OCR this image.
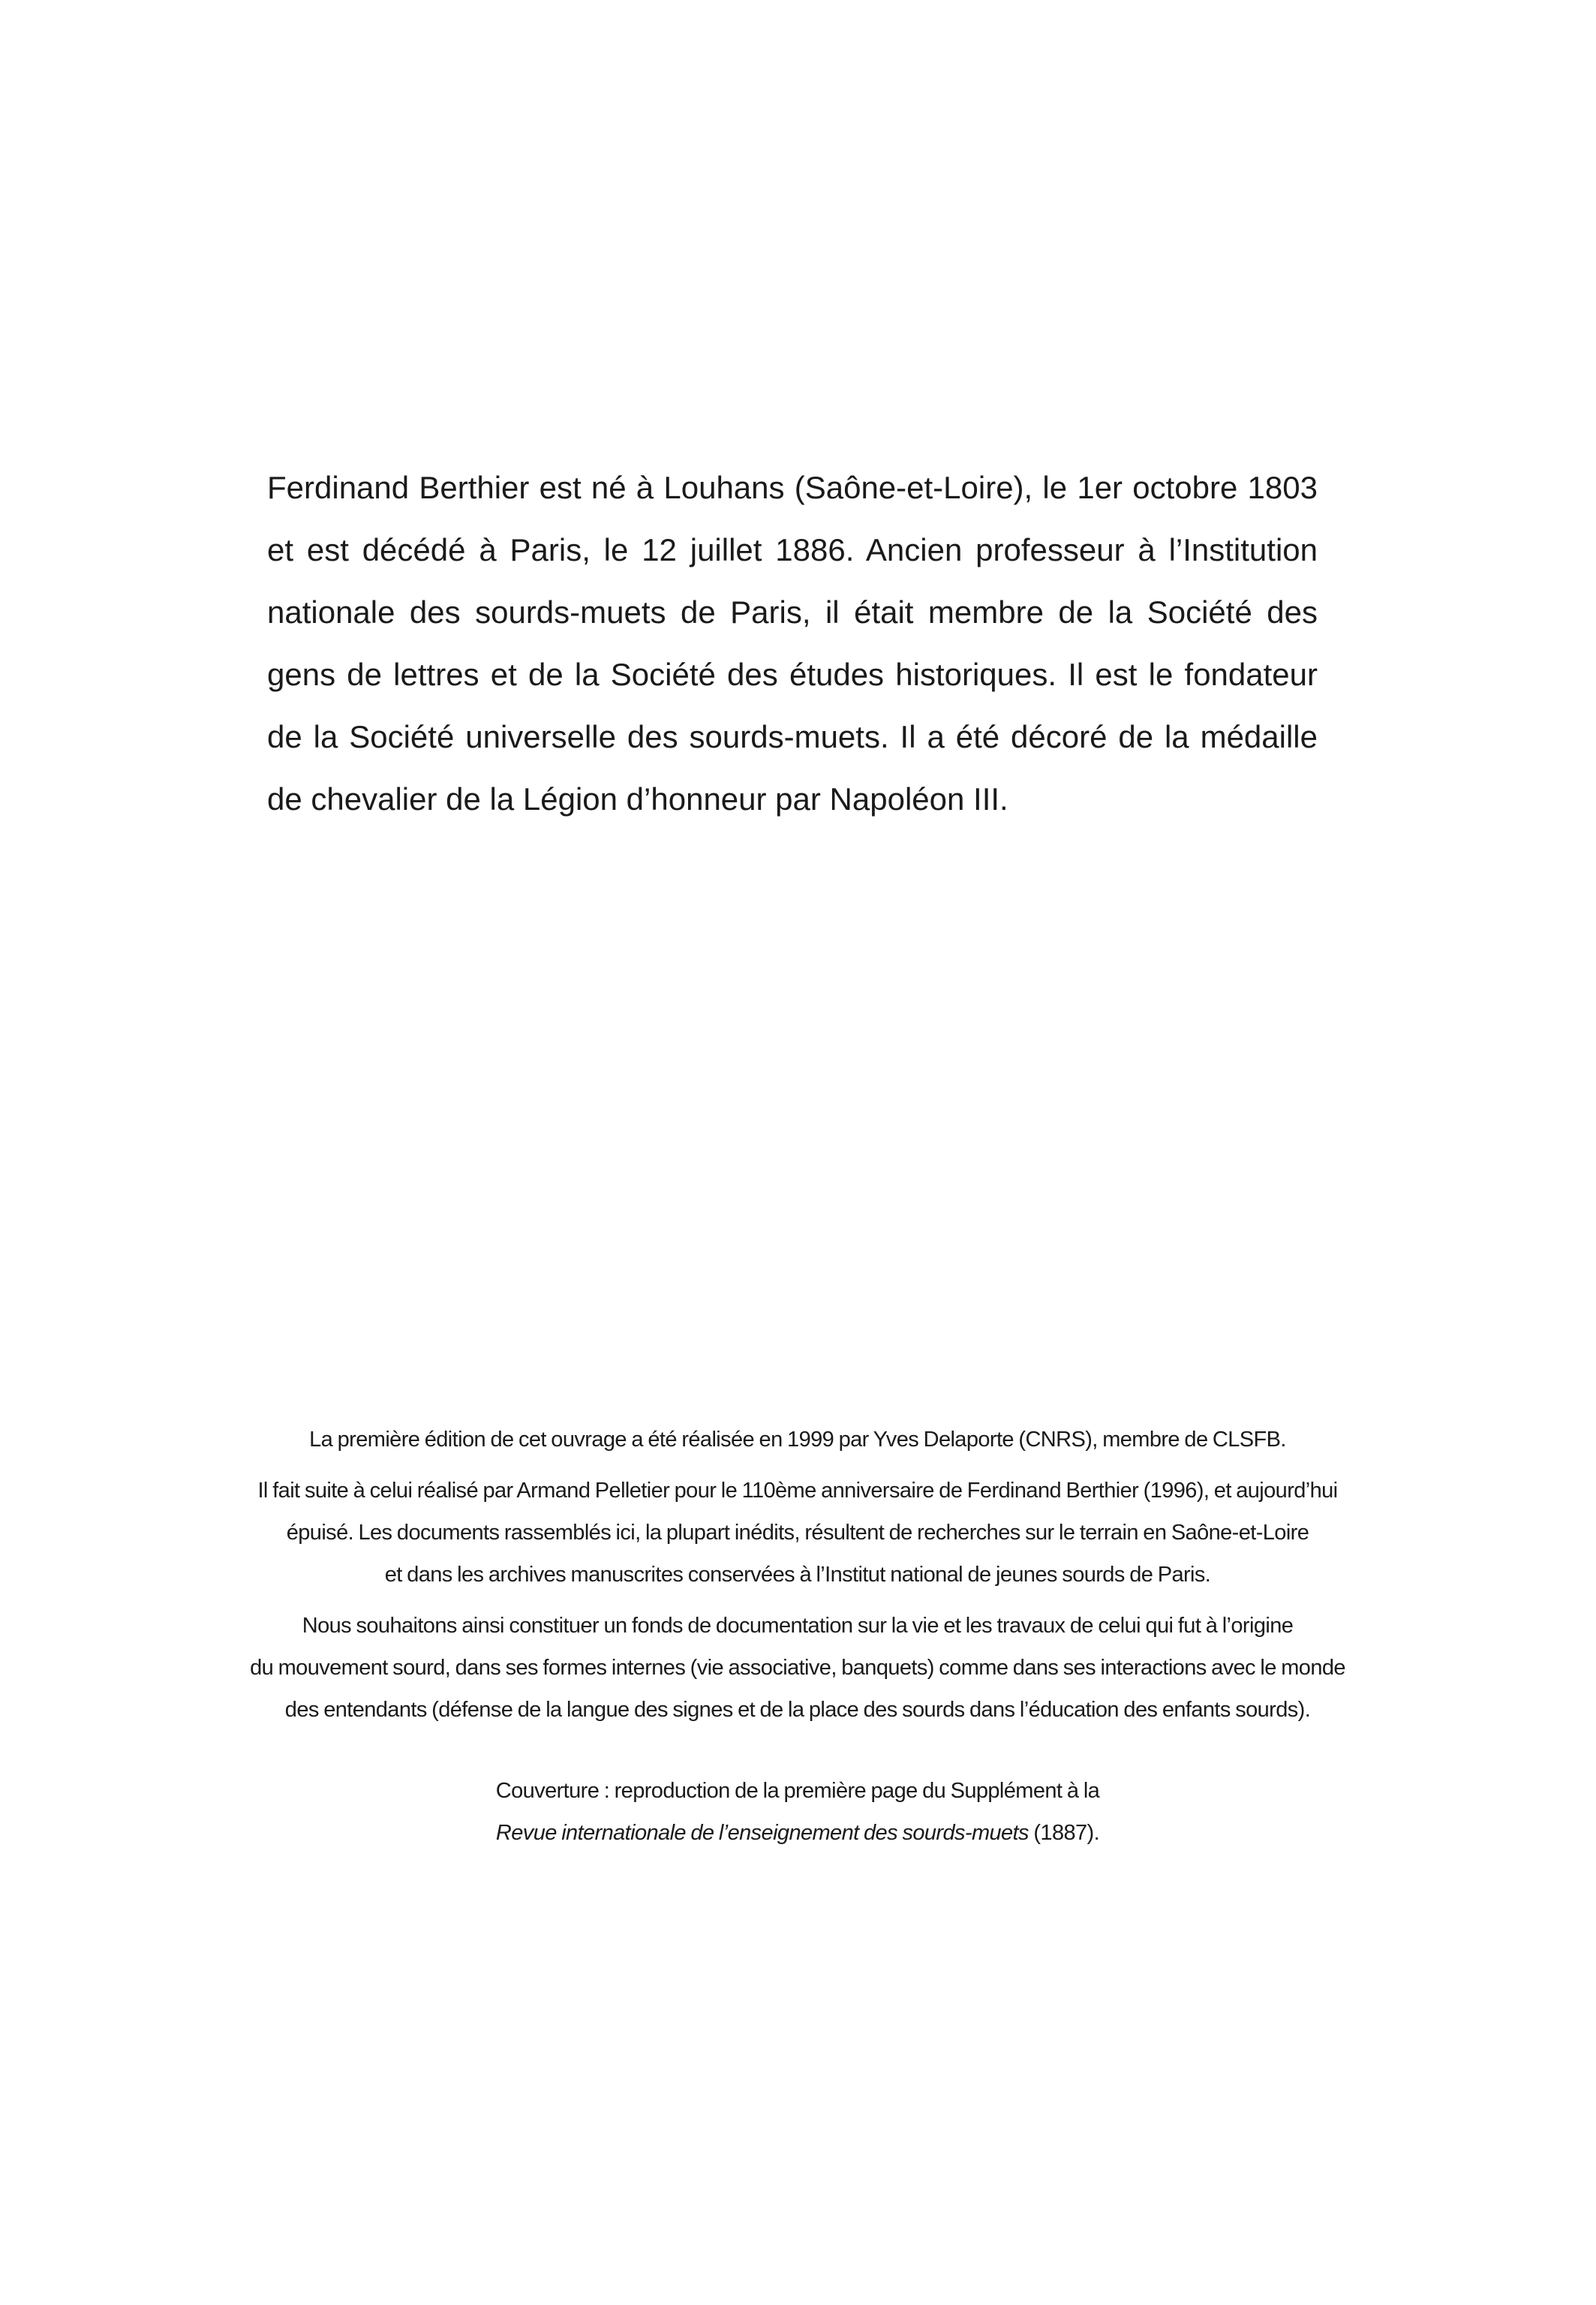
Ferdinand Berthier est né à Louhans (Saône-et-Loire), le 1er octobre 1803 et est décédé à Paris, le 12 juillet 1886. Ancien professeur à l’Institution nationale des sourds-muets de Paris, il était membre de la Société des gens de lettres et de la Société des études historiques. Il est le fondateur de la Société universelle des sourds-muets. Il a été décoré de la médaille de chevalier de la Légion d’honneur par Napoléon III.

La première édition de cet ouvrage a été réalisée en 1999 par Yves Delaporte (CNRS), membre de CLSFB.

Il fait suite à celui réalisé par Armand Pelletier pour le 110ème anniversaire de Ferdinand Berthier (1996), et aujourd’hui
épuisé. Les documents rassemblés ici, la plupart inédits, résultent de recherches sur le terrain en Saône-et-Loire
et dans les archives manuscrites conservées à l’Institut national de jeunes sourds de Paris.

Nous souhaitons ainsi constituer un fonds de documentation sur la vie et les travaux de celui qui fut à l’origine
du mouvement sourd, dans ses formes internes (vie associative, banquets) comme dans ses interactions avec le monde
des entendants (défense de la langue des signes et de la place des sourds dans l’éducation des enfants sourds).

Couverture : reproduction de la première page du Supplément à la
Revue internationale de l’enseignement des sourds-muets (1887).
